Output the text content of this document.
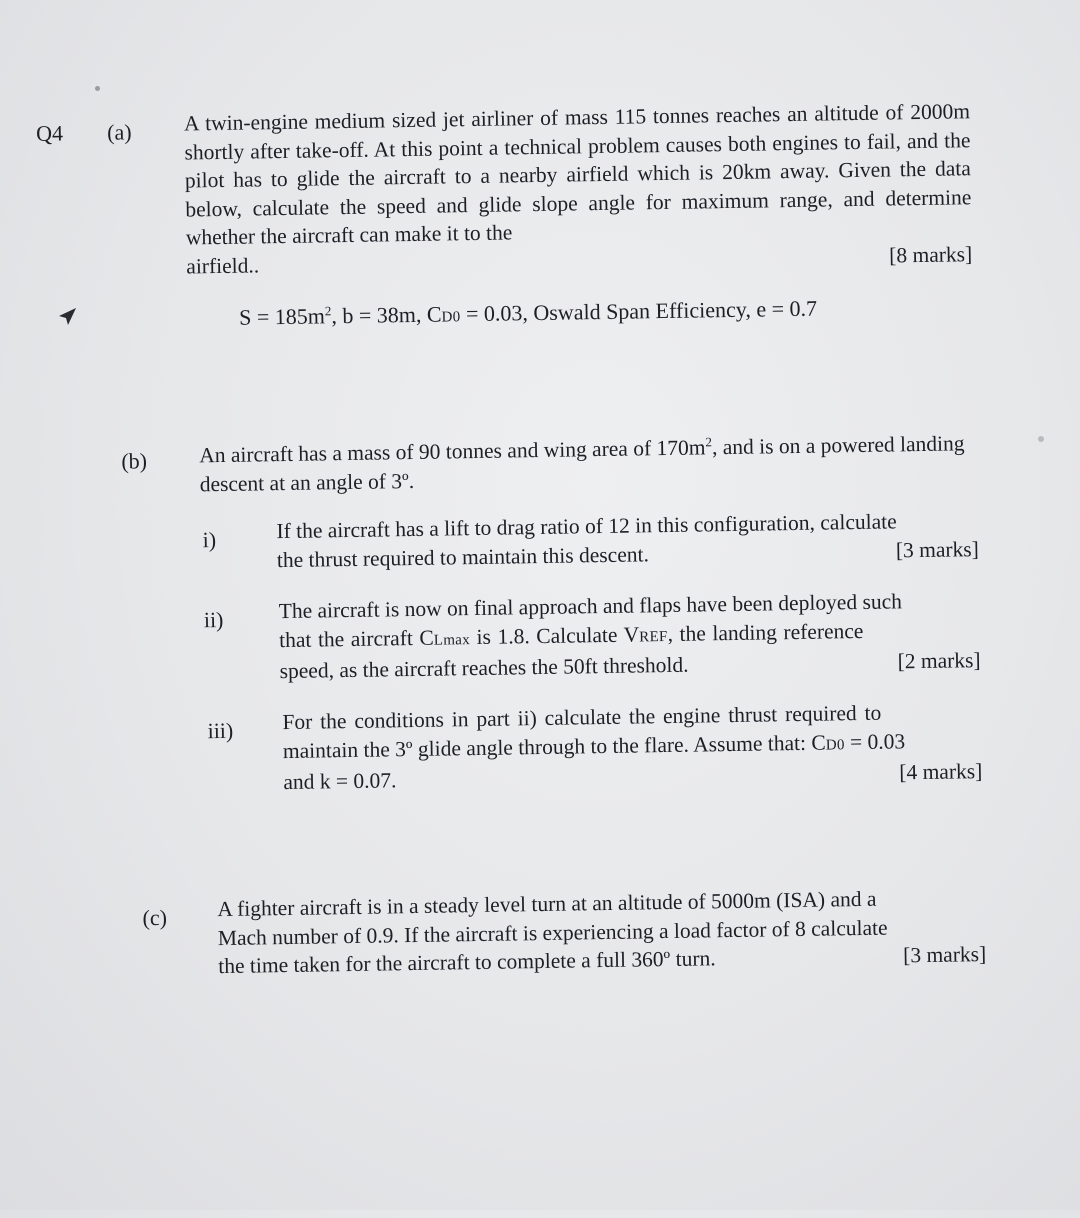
Q4 (a) A twin-engine medium sized jet airliner of mass 115 tonnes reaches an altitude of 2000m shortly after take-off. At this point a technical problem causes both engines to fail, and the pilot has to glide the aircraft to a nearby airfield which is 20km away. Given the data below, calculate the speed and glide slope angle for maximum range, and determine whether the aircraft can make it to the

airfield..	[8 marks]
$S = 185m^2$, b = 38m, CD0 = 0.03, Oswald Span Efficiency, e = 0.7
(b) An aircraft has a mass of 90 tonnes and wing area of $170m^2$, and is on a powered landing descent at an angle of 3º.

i)	If the aircraft has a lift to drag ratio of 12 in this configuration, calculate
the thrust required to maintain this descent.	[3 marks]
ii)	The aircraft is now on final approach and flaps have been deployed such
that the aircraft CLmax is 1.8. Calculate VREF, the landing reference
speed, as the aircraft reaches the 50ft threshold.	[2 marks]
iii) For the conditions in part ii) calculate the engine thrust required to
maintain the 3º glide angle through to the flare. Assume that: CD0 = 0.03
and k = 0.07.	[4 marks]
(c) A fighter aircraft is in a steady level turn at an altitude of 5000m (ISA) and a
Mach number of 0.9. If the aircraft is experiencing a load factor of 8 calculate
the time taken for the aircraft to complete a full 360º turn.	[3 marks]
